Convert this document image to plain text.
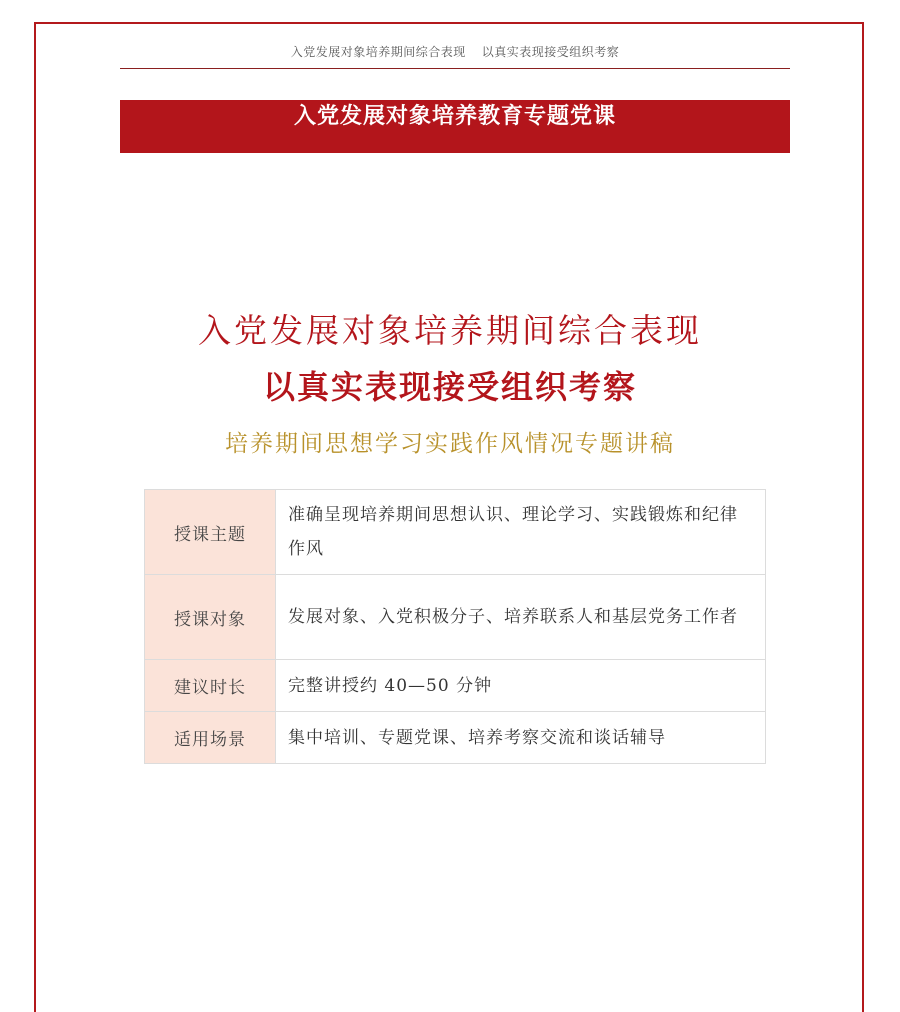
入党发展对象培养期间综合表现 以真实表现接受组织考察
入党发展对象培养教育专题党课
入党发展对象培养期间综合表现
以真实表现接受组织考察
培养期间思想学习实践作风情况专题讲稿
授课主题	准确呈现培养期间思想认识、理论学习、实践锻炼和纪律作风
授课对象	发展对象、入党积极分子、培养联系人和基层党务工作者
建议时长	完整讲授约 40—50 分钟
适用场景	集中培训、专题党课、培养考察交流和谈话辅导
